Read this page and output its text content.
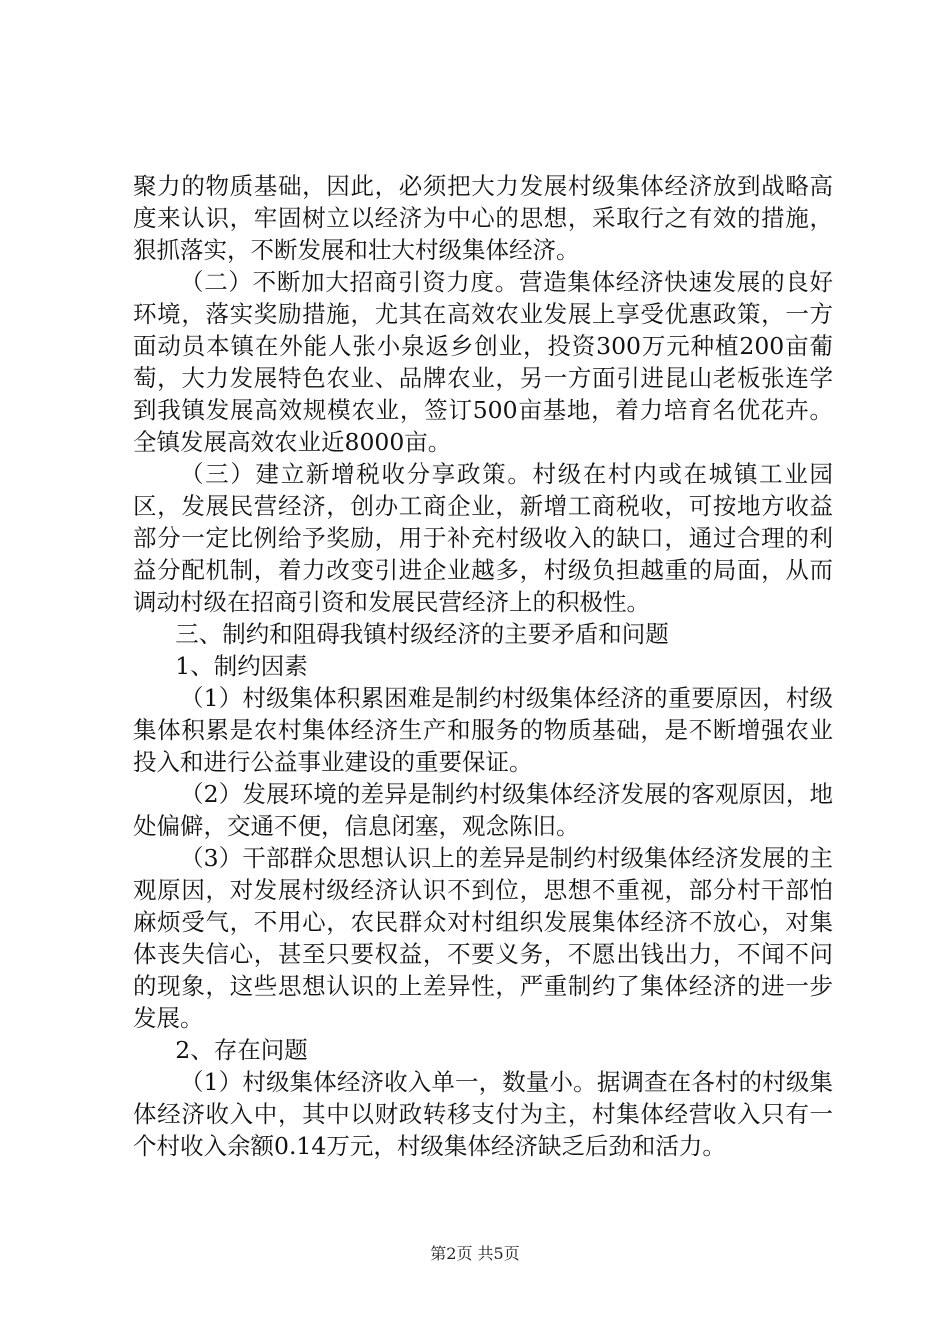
聚力的物质基础，因此，必须把大力发展村级集体经济放到战略高度来认识，牢固树立以经济为中心的思想，采取行之有效的措施，狠抓落实，不断发展和壮大村级集体经济。

（二）不断加大招商引资力度。营造集体经济快速发展的良好环境，落实奖励措施，尤其在高效农业发展上享受优惠政策，一方面动员本镇在外能人张小泉返乡创业，投资300万元种植200亩葡萄，大力发展特色农业、品牌农业，另一方面引进昆山老板张连学到我镇发展高效规模农业，签订500亩基地，着力培育名优花卉。全镇发展高效农业近8000亩。

（三）建立新增税收分享政策。村级在村内或在城镇工业园区，发展民营经济，创办工商企业，新增工商税收，可按地方收益部分一定比例给予奖励，用于补充村级收入的缺口，通过合理的利益分配机制，着力改变引进企业越多，村级负担越重的局面，从而调动村级在招商引资和发展民营经济上的积极性。

三、制约和阻碍我镇村级经济的主要矛盾和问题

1、制约因素

（1）村级集体积累困难是制约村级集体经济的重要原因，村级集体积累是农村集体经济生产和服务的物质基础，是不断增强农业投入和进行公益事业建设的重要保证。

（2）发展环境的差异是制约村级集体经济发展的客观原因，地处偏僻，交通不便，信息闭塞，观念陈旧。

（3）干部群众思想认识上的差异是制约村级集体经济发展的主观原因，对发展村级经济认识不到位，思想不重视，部分村干部怕麻烦受气，不用心，农民群众对村组织发展集体经济不放心，对集体丧失信心，甚至只要权益，不要义务，不愿出钱出力，不闻不问的现象，这些思想认识的上差异性，严重制约了集体经济的进一步发展。

2、存在问题

（1）村级集体经济收入单一，数量小。据调查在各村的村级集体经济收入中，其中以财政转移支付为主，村集体经营收入只有一个村收入余额0.14万元，村级集体经济缺乏后劲和活力。

第2页 共5页
